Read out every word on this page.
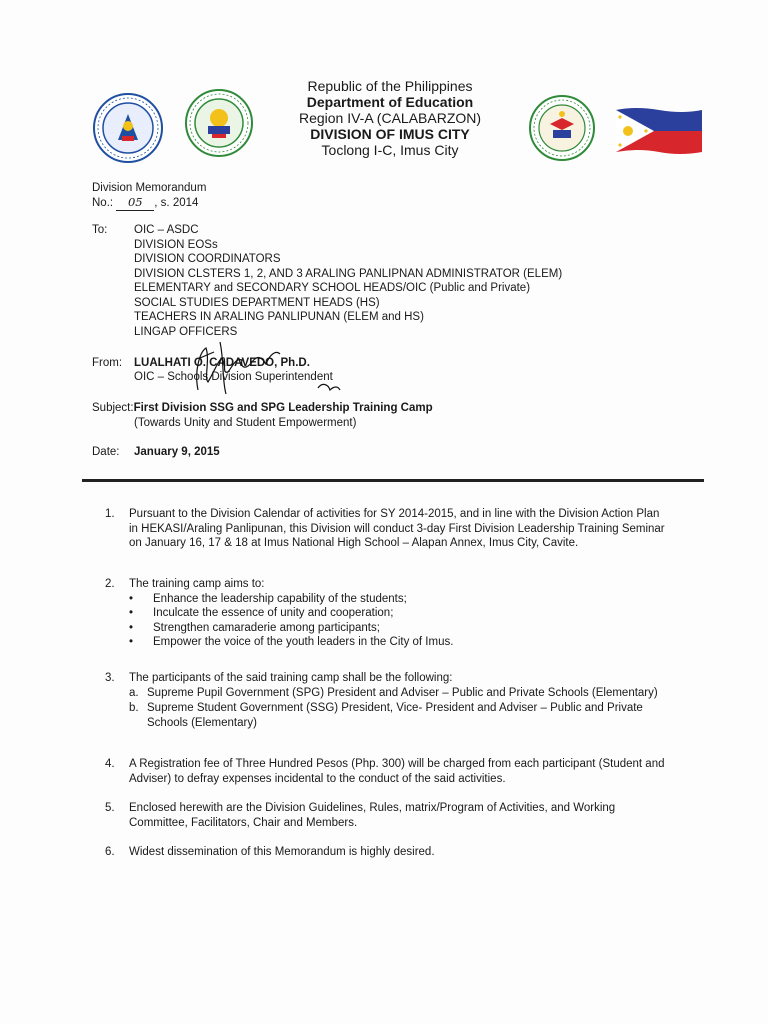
Republic of the Philippines
Department of Education
Region IV-A (CALABARZON)
DIVISION OF IMUS CITY
Toclong I-C, Imus City
Division Memorandum
No.: 05 , s. 2014
To: OIC – ASDC
DIVISION EOSs
DIVISION COORDINATORS
DIVISION CLSTERS 1, 2, AND 3 ARALING PANLIPNAN ADMINISTRATOR (ELEM)
ELEMENTARY and SECONDARY SCHOOL HEADS/OIC (Public and Private)
SOCIAL STUDIES DEPARTMENT HEADS (HS)
TEACHERS IN ARALING PANLIPUNAN (ELEM and HS)
LINGAP OFFICERS
From: LUALHATI O. CADAVEDO, Ph.D.
OIC – Schools Division Superintendent
Subject:First Division SSG and SPG Leadership Training Camp
(Towards Unity and Student Empowerment)
Date: January 9, 2015
1. Pursuant to the Division Calendar of activities for SY 2014-2015, and in line with the Division Action Plan in HEKASI/Araling Panlipunan, this Division will conduct 3-day First Division Leadership Training Seminar on January 16, 17 & 18 at Imus National High School – Alapan Annex, Imus City, Cavite.
2. The training camp aims to:
• Enhance the leadership capability of the students;
• Inculcate the essence of unity and cooperation;
• Strengthen camaraderie among participants;
• Empower the voice of the youth leaders in the City of Imus.
3. The participants of the said training camp shall be the following:
a. Supreme Pupil Government (SPG) President and Adviser – Public and Private Schools (Elementary)
b. Supreme Student Government (SSG) President, Vice- President and Adviser – Public and Private Schools (Elementary)
4. A Registration fee of Three Hundred Pesos (Php. 300) will be charged from each participant (Student and Adviser) to defray expenses incidental to the conduct of the said activities.
5. Enclosed herewith are the Division Guidelines, Rules, matrix/Program of Activities, and Working Committee, Facilitators, Chair and Members.
6. Widest dissemination of this Memorandum is highly desired.
